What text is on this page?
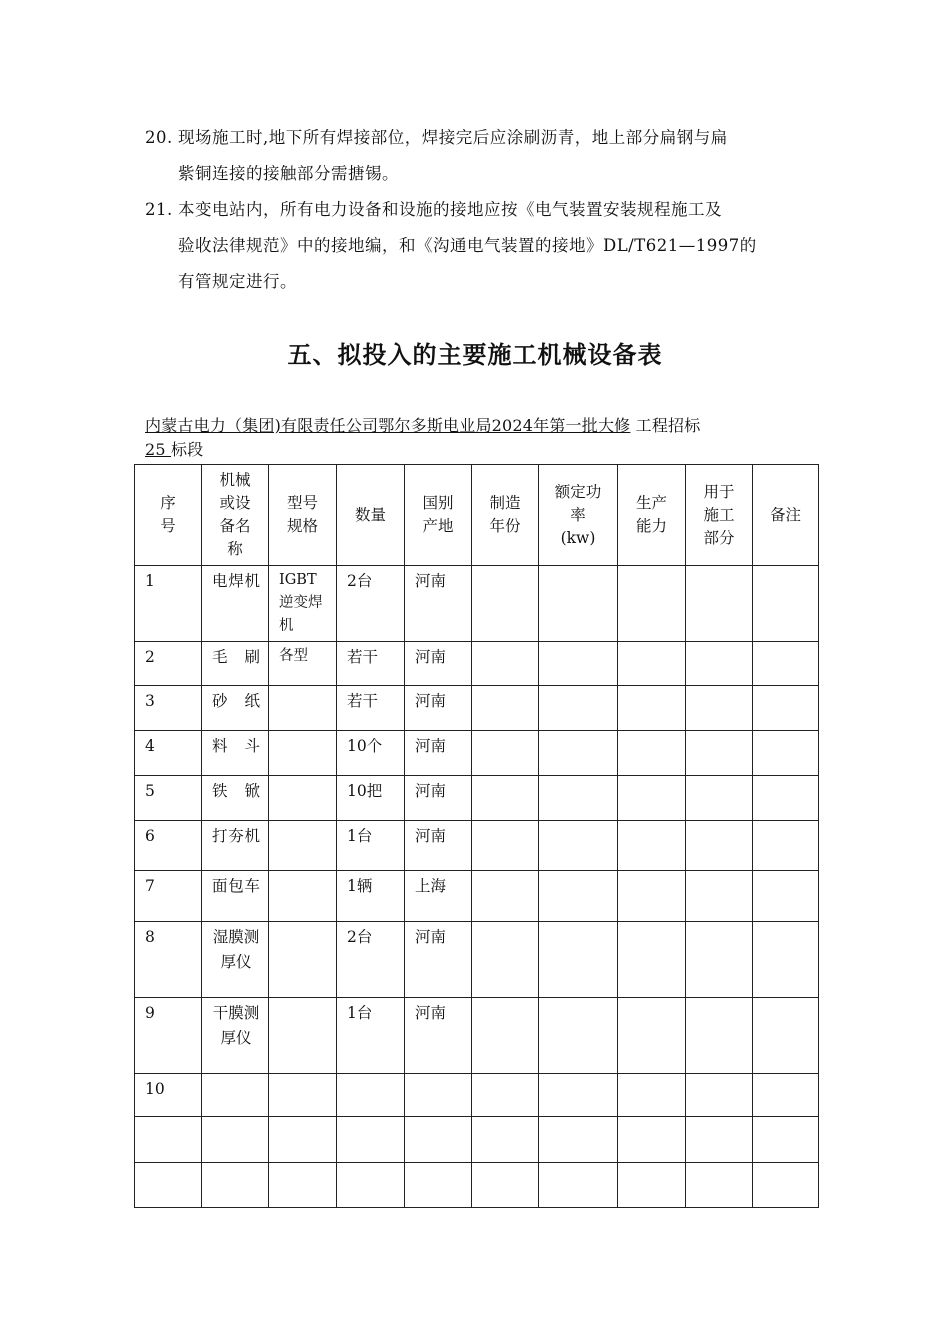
20. 现场施工时,地下所有焊接部位，焊接完后应涂刷沥青，地上部分扁钢与扁
紫铜连接的接触部分需搪锡。
21. 本变电站内，所有电力设备和设施的接地应按《电气装置安装规程施工及
验收法律规范》中的接地编，和《沟通电气装置的接地》DL/T621—1997的
有管规定进行。
五、拟投入的主要施工机械设备表
内蒙古电力（集团)有限责任公司鄂尔多斯电业局2024年第一批大修 工程招标
25 标段
序号	机械或设备名称	型号规格	数量	国别产地	制造年份	额定功率(kw)	生产能力	用于施工部分	备注
1	电焊机	IGBT逆变焊机	2台	河南					
2	毛刷	各型	若干	河南					
3	砂纸		若干	河南					
4	料斗		10个	河南					
5	铁锨		10把	河南					
6	打夯机		1台	河南					
7	面包车		1辆	上海					
8	湿膜测厚仪		2台	河南					
9	干膜测厚仪		1台	河南					
10									
